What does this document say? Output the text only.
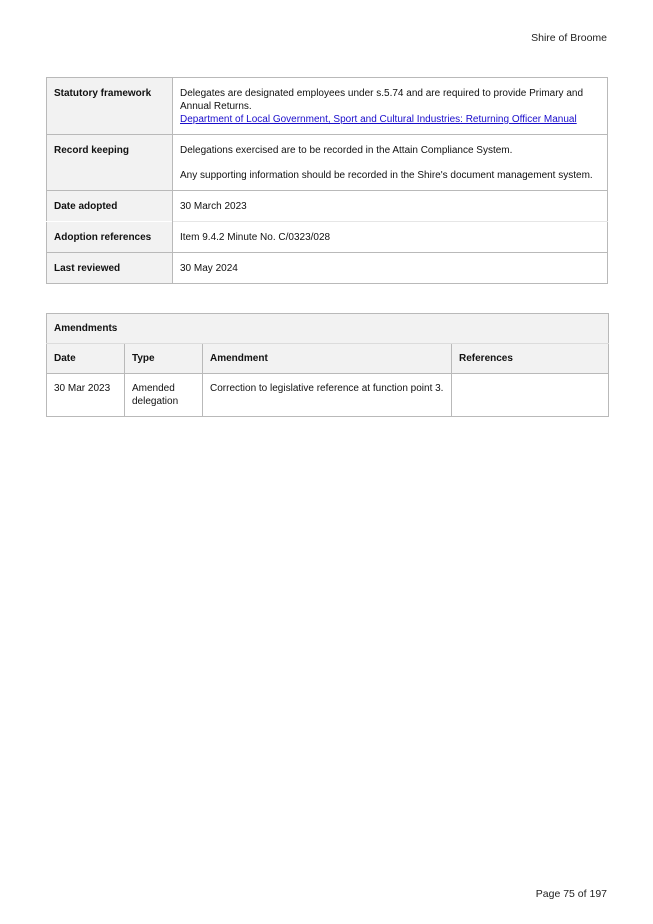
Shire of Broome
Statutory framework	Delegates are designated employees under s.5.74 and are required to provide Primary and Annual Returns.
Department of Local Government, Sport and Cultural Industries: Returning Officer Manual
Record keeping	Delegations exercised are to be recorded in the Attain Compliance System.
Any supporting information should be recorded in the Shire's document management system.

Date adopted	30 March 2023
Adoption references	Item 9.4.2 Minute No. C/0323/028
Last reviewed	30 May 2024
Amendments			
Date	Type	Amendment	References
30 Mar 2023	Amended delegation	Correction to legislative reference at function point 3.	
Page 75 of 197
